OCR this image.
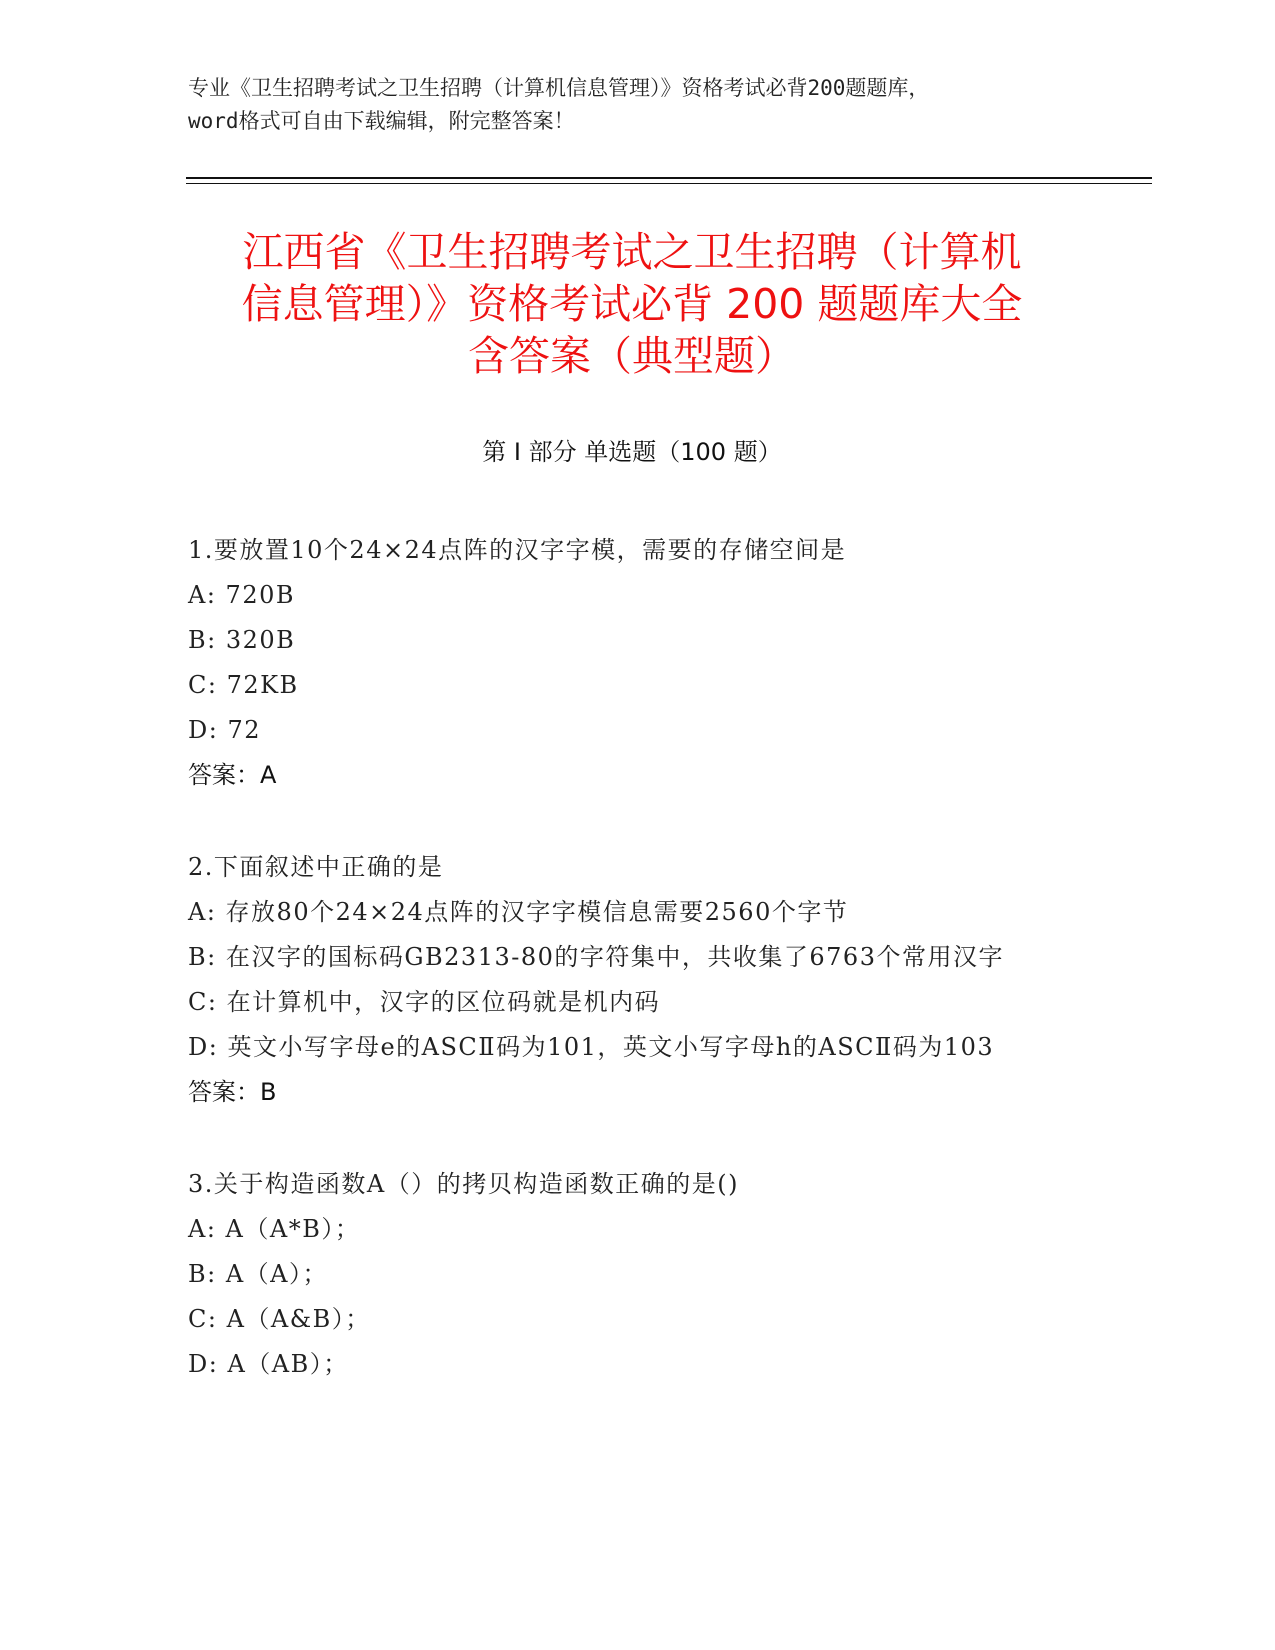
专业《卫生招聘考试之卫生招聘（计算机信息管理）》资格考试必背200题题库，
word格式可自由下载编辑，附完整答案！
江西省《卫生招聘考试之卫生招聘（计算机
信息管理）》资格考试必背 200 题题库大全
含答案（典型题）
第 I 部分 单选题（100 题）
1.要放置10个24×24点阵的汉字字模，需要的存储空间是
A: 720B
B: 320B
C: 72KB
D: 72
答案：A
2.下面叙述中正确的是
A: 存放80个24×24点阵的汉字字模信息需要2560个字节
B: 在汉字的国标码GB2313-80的字符集中，共收集了6763个常用汉字
C: 在计算机中，汉字的区位码就是机内码
D: 英文小写字母e的ASCⅡ码为101，英文小写字母h的ASCⅡ码为103
答案：B
3.关于构造函数A（）的拷贝构造函数正确的是()
A: A（A*B）；
B: A（A）；
C: A（A&B）；
D: A（AB）；
